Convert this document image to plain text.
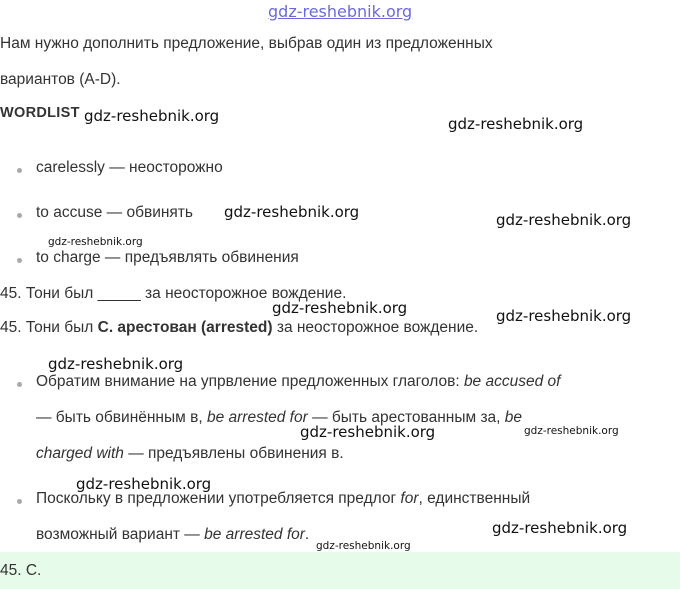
gdz-reshebnik.org
Нам нужно дополнить предложение, выбрав один из предложенных
вариантов (A-D).
WORDLIST gdz-reshebnik.org	gdz-reshebnik.org
carelessly — неосторожно
to accuse — обвинять gdz-reshebnik.org	gdz-reshebnik.org
gdz-reshebnik.org
to charge — предъявлять обвинения
45. Тони был _____ за неосторожное вождение.
gdz-reshebnik.org	gdz-reshebnik.org
45. Тони был C. арестован (arrested) за неосторожное вождение.
gdz-reshebnik.org
Обратим внимание на упрвление предложенных глаголов: be accused of
— быть обвинённым в, be arrested for — быть арестованным за, be
gdz-reshebnik.org	gdz-reshebnik.org
charged with — предъявлены обвинения в.
gdz-reshebnik.org
Поскольку в предложении употребляется предлог for, единственный
возможный вариант — be arrested for.	gdz-reshebnik.org
gdz-reshebnik.org
45. C.
